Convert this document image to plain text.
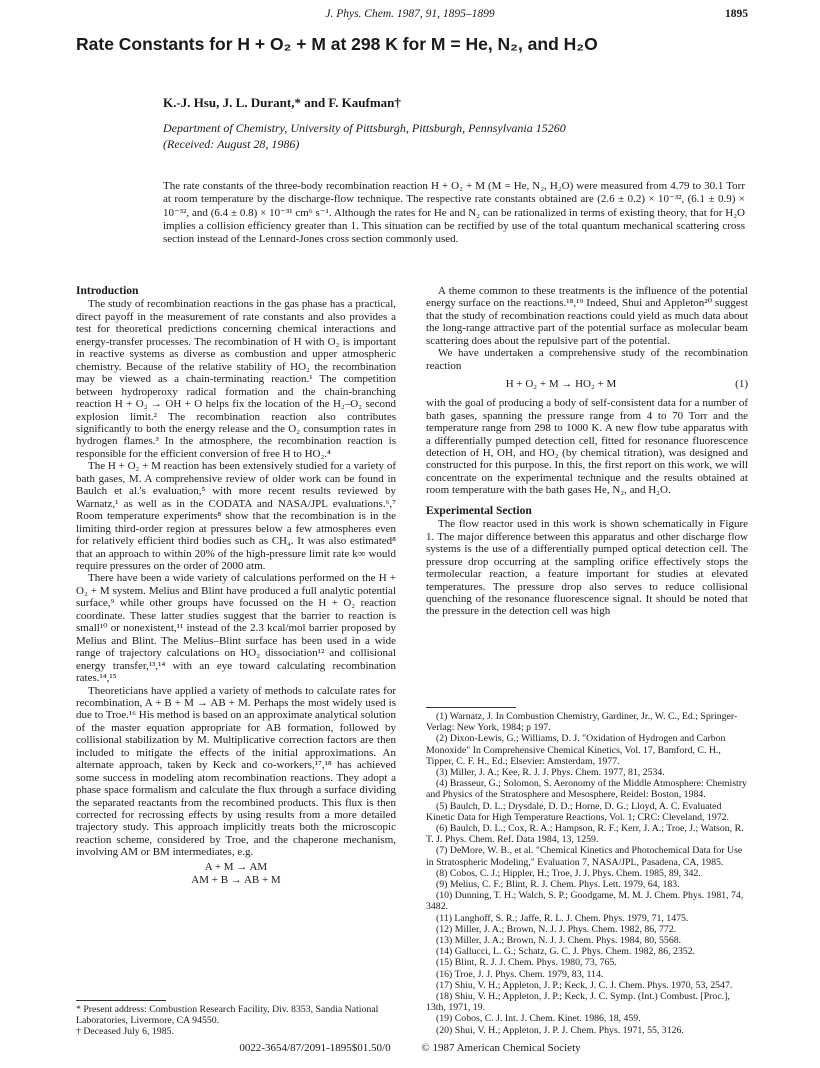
J. Phys. Chem. 1987, 91, 1895–1899	1895
Rate Constants for H + O₂ + M at 298 K for M = He, N₂, and H₂O
K.-J. Hsu, J. L. Durant,* and F. Kaufman†
Department of Chemistry, University of Pittsburgh, Pittsburgh, Pennsylvania 15260
(Received: August 28, 1986)
The rate constants of the three-body recombination reaction H + O₂ + M (M = He, N₂, H₂O) were measured from 4.79 to 30.1 Torr at room temperature by the discharge-flow technique. The respective rate constants obtained are (2.6 ± 0.2) × 10⁻³², (6.1 ± 0.9) × 10⁻³², and (6.4 ± 0.8) × 10⁻³¹ cm⁶ s⁻¹. Although the rates for He and N₂ can be rationalized in terms of existing theory, that for H₂O implies a collision efficiency greater than 1. This situation can be rectified by use of the total quantum mechanical scattering cross section instead of the Lennard-Jones cross section commonly used.
Introduction

The study of recombination reactions in the gas phase has a practical, direct payoff in the measurement of rate constants and also provides a test for theoretical predictions concerning chemical interactions and energy-transfer processes. The recombination of H with O₂ is important in reactive systems as diverse as combustion and upper atmospheric chemistry. Because of the relative stability of HO₂ the recombination may be viewed as a chain-terminating reaction.¹ The competition between hydroperoxy radical formation and the chain-branching reaction H + O₂ → OH + O helps fix the location of the H₂–O₂ second explosion limit.² The recombination reaction also contributes significantly to both the energy release and the O₂ consumption rates in hydrogen flames.³ In the atmosphere, the recombination reaction is responsible for the efficient conversion of free H to HO₂.⁴

The H + O₂ + M reaction has been extensively studied for a variety of bath gases, M. A comprehensive review of older work can be found in Baulch et al.'s evaluation,⁵ with more recent results reviewed by Warnatz,¹ as well as in the CODATA and NASA/JPL evaluations.⁶,⁷ Room temperature experiments⁸ show that the recombination is in the limiting third-order region at pressures below a few atmospheres even for relatively efficient third bodies such as CH₄. It was also estimated⁸ that an approach to within 20% of the high-pressure limit rate k∞ would require pressures on the order of 2000 atm.

There have been a wide variety of calculations performed on the H + O₂ + M system. Melius and Blint have produced a full analytic potential surface,⁹ while other groups have focussed on the H + O₂ reaction coordinate. These latter studies suggest that the barrier to reaction is small¹⁰ or nonexistent,¹¹ instead of the 2.3 kcal/mol barrier proposed by Melius and Blint. The Melius–Blint surface has been used in a wide range of trajectory calculations on HO₂ dissociation¹² and collisional energy transfer,¹³,¹⁴ with an eye toward calculating recombination rates.¹⁴,¹⁵

Theoreticians have applied a variety of methods to calculate rates for recombination, A + B + M → AB + M. Perhaps the most widely used is due to Troe.¹⁶ His method is based on an approximate analytical solution of the master equation appropriate for AB formation, followed by collisional stabilization by M. Multiplicative correction factors are then included to mitigate the effects of the initial approximations. An alternate approach, taken by Keck and co-workers,¹⁷,¹⁸ has achieved some success in modeling atom recombination reactions. They adopt a phase space formalism and calculate the flux through a surface dividing the separated reactants from the recombined products. This flux is then corrected for recrossing effects by using results from a more detailed trajectory study. This approach implicitly treats both the microscopic reaction scheme, considered by Troe, and the chaperone mechanism, involving AM or BM intermediates, e.g.

A + M → AM
AM + B → AB + M
* Present address: Combustion Research Facility, Div. 8353, Sandia National Laboratories, Livermore, CA 94550.
† Deceased July 6, 1985.

A theme common to these treatments is the influence of the potential energy surface on the reactions.¹⁸,¹⁹ Indeed, Shui and Appleton²⁰ suggest that the study of recombination reactions could yield as much data about the long-range attractive part of the potential surface as molecular beam scattering does about the repulsive part of the potential.

We have undertaken a comprehensive study of the recombination reaction

H + O₂ + M → HO₂ + M	(1)

with the goal of producing a body of self-consistent data for a number of bath gases, spanning the pressure range from 4 to 70 Torr and the temperature range from 298 to 1000 K. A new flow tube apparatus with a differentially pumped detection cell, fitted for resonance fluorescence detection of H, OH, and HO₂ (by chemical titration), was designed and constructed for this purpose. In this, the first report on this work, we will concentrate on the experimental technique and the results obtained at room temperature with the bath gases He, N₂, and H₂O.

Experimental Section

The flow reactor used in this work is shown schematically in Figure 1. The major difference between this apparatus and other discharge flow systems is the use of a differentially pumped optical detection cell. The pressure drop occurring at the sampling orifice effectively stops the termolecular reaction, a feature important for studies at elevated temperatures. The pressure drop also serves to reduce collisional quenching of the resonance fluorescence signal. It should be noted that the pressure in the detection cell was high

(1) Warnatz, J. In Combustion Chemistry, Gardiner, Jr., W. C., Ed.; Springer-Verlag: New York, 1984; p 197.

(2) Dixon-Lewis, G.; Williams, D. J. "Oxidation of Hydrogen and Carbon Monoxide" In Comprehensive Chemical Kinetics, Vol. 17, Bamford, C. H., Tipper, C. F. H., Ed.; Elsevier: Amsterdam, 1977.

(3) Miller, J. A.; Kee, R. J. J. Phys. Chem. 1977, 81, 2534.

(4) Brasseur, G.; Solomon, S. Aeronomy of the Middle Atmosphere: Chemistry and Physics of the Stratosphere and Mesosphere, Reidel: Boston, 1984.

(5) Baulch, D. L.; Drysdale, D. D.; Horne, D. G.; Lloyd, A. C. Evaluated Kinetic Data for High Temperature Reactions, Vol. 1; CRC: Cleveland, 1972.

(6) Baulch, D. L.; Cox, R. A.; Hampson, R. F.; Kerr, J. A.; Troe, J.; Watson, R. T. J. Phys. Chem. Ref. Data 1984, 13, 1259.

(7) DeMore, W. B., et al. "Chemical Kinetics and Photochemical Data for Use in Stratospheric Modeling," Evaluation 7, NASA/JPL, Pasadena, CA, 1985.

(8) Cobos, C. J.; Hippler, H.; Troe, J. J. Phys. Chem. 1985, 89, 342.

(9) Melius, C. F.; Blint, R. J. Chem. Phys. Lett. 1979, 64, 183.

(10) Dunning, T. H.; Walch, S. P.; Goodgame, M. M. J. Chem. Phys. 1981, 74, 3482.

(11) Langhoff, S. R.; Jaffe, R. L. J. Chem. Phys. 1979, 71, 1475.

(12) Miller, J. A.; Brown, N. J. J. Phys. Chem. 1982, 86, 772.

(13) Miller, J. A.; Brown, N. J. J. Chem. Phys. 1984, 80, 5568.

(14) Gallucci, L. G.; Schatz, G. C. J. Phys. Chem. 1982, 86, 2352.

(15) Blint, R. J. J. Chem. Phys. 1980, 73, 765.

(16) Troe, J. J. Phys. Chem. 1979, 83, 114.

(17) Shiu, V. H.; Appleton, J. P.; Keck, J. C. J. Chem. Phys. 1970, 53, 2547.

(18) Shiu, V. H.; Appleton, J. P.; Keck, J. C. Symp. (Int.) Combust. [Proc.], 13th, 1971, 19.

(19) Cobos, C. J. Int. J. Chem. Kinet. 1986, 18, 459.

(20) Shui, V. H.; Appleton, J. P. J. Chem. Phys. 1971, 55, 3126.

0022-3654/87/2091-1895$01.50/0	© 1987 American Chemical Society
